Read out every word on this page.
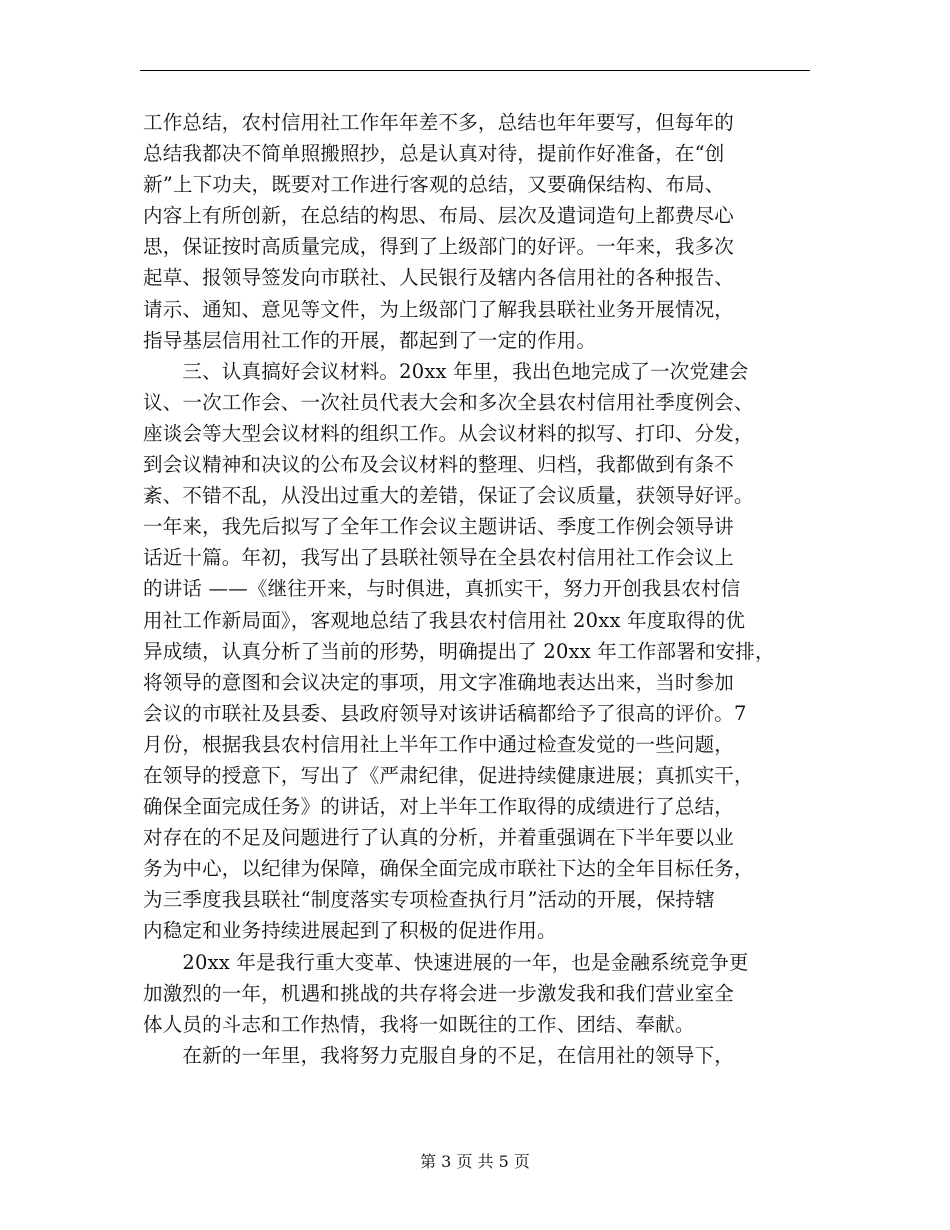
工作总结，农村信用社工作年年差不多，总结也年年要写，但每年的
总结我都决不简单照搬照抄，总是认真对待，提前作好准备，在“创
新”上下功夫，既要对工作进行客观的总结，又要确保结构、布局、
内容上有所创新，在总结的构思、布局、层次及遣词造句上都费尽心
思，保证按时高质量完成，得到了上级部门的好评。一年来，我多次
起草、报领导签发向市联社、人民银行及辖内各信用社的各种报告、
请示、通知、意见等文件，为上级部门了解我县联社业务开展情况，
指导基层信用社工作的开展，都起到了一定的作用。
　　三、认真搞好会议材料。20xx 年里，我出色地完成了一次党建会
议、一次工作会、一次社员代表大会和多次全县农村信用社季度例会、
座谈会等大型会议材料的组织工作。从会议材料的拟写、打印、分发，
到会议精神和决议的公布及会议材料的整理、归档，我都做到有条不
紊、不错不乱，从没出过重大的差错，保证了会议质量，获领导好评。
一年来，我先后拟写了全年工作会议主题讲话、季度工作例会领导讲
话近十篇。年初，我写出了县联社领导在全县农村信用社工作会议上
的讲话 ——《继往开来，与时俱进，真抓实干，努力开创我县农村信
用社工作新局面》，客观地总结了我县农村信用社 20xx 年度取得的优
异成绩，认真分析了当前的形势，明确提出了 20xx 年工作部署和安排，
将领导的意图和会议决定的事项，用文字准确地表达出来，当时参加
会议的市联社及县委、县政府领导对该讲话稿都给予了很高的评价。7
月份，根据我县农村信用社上半年工作中通过检查发觉的一些问题，
在领导的授意下，写出了《严肃纪律，促进持续健康进展；真抓实干，
确保全面完成任务》的讲话，对上半年工作取得的成绩进行了总结，
对存在的不足及问题进行了认真的分析，并着重强调在下半年要以业
务为中心，以纪律为保障，确保全面完成市联社下达的全年目标任务，
为三季度我县联社“制度落实专项检查执行月”活动的开展，保持辖
内稳定和业务持续进展起到了积极的促进作用。
　　20xx 年是我行重大变革、快速进展的一年，也是金融系统竞争更
加激烈的一年，机遇和挑战的共存将会进一步激发我和我们营业室全
体人员的斗志和工作热情，我将一如既往的工作、团结、奉献。
　　在新的一年里，我将努力克服自身的不足，在信用社的领导下，
第 3 页 共 5 页
